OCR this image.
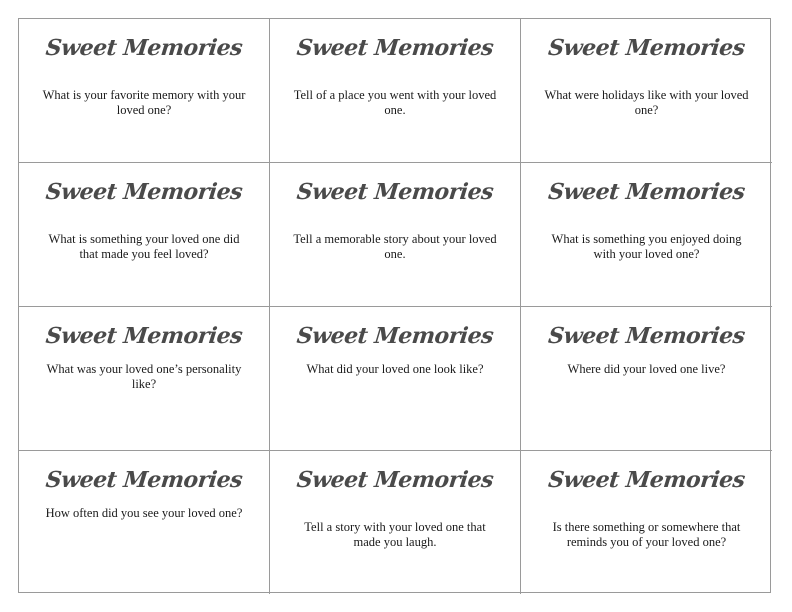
Sweet Memories
What is your favorite memory with your loved one?
Sweet Memories
Tell of a place you went with your loved one.
Sweet Memories
What were holidays like with your loved one?
Sweet Memories
What is something your loved one did that made you feel loved?
Sweet Memories
Tell a memorable story about your loved one.
Sweet Memories
What is something you enjoyed doing with your loved one?
Sweet Memories
What was your loved one’s personality like?
Sweet Memories
What did your loved one look like?
Sweet Memories
Where did your loved one live?
Sweet Memories
How often did you see your loved one?
Sweet Memories
Tell a story with your loved one that made you laugh.
Sweet Memories
Is there something or somewhere that reminds you of your loved one?
